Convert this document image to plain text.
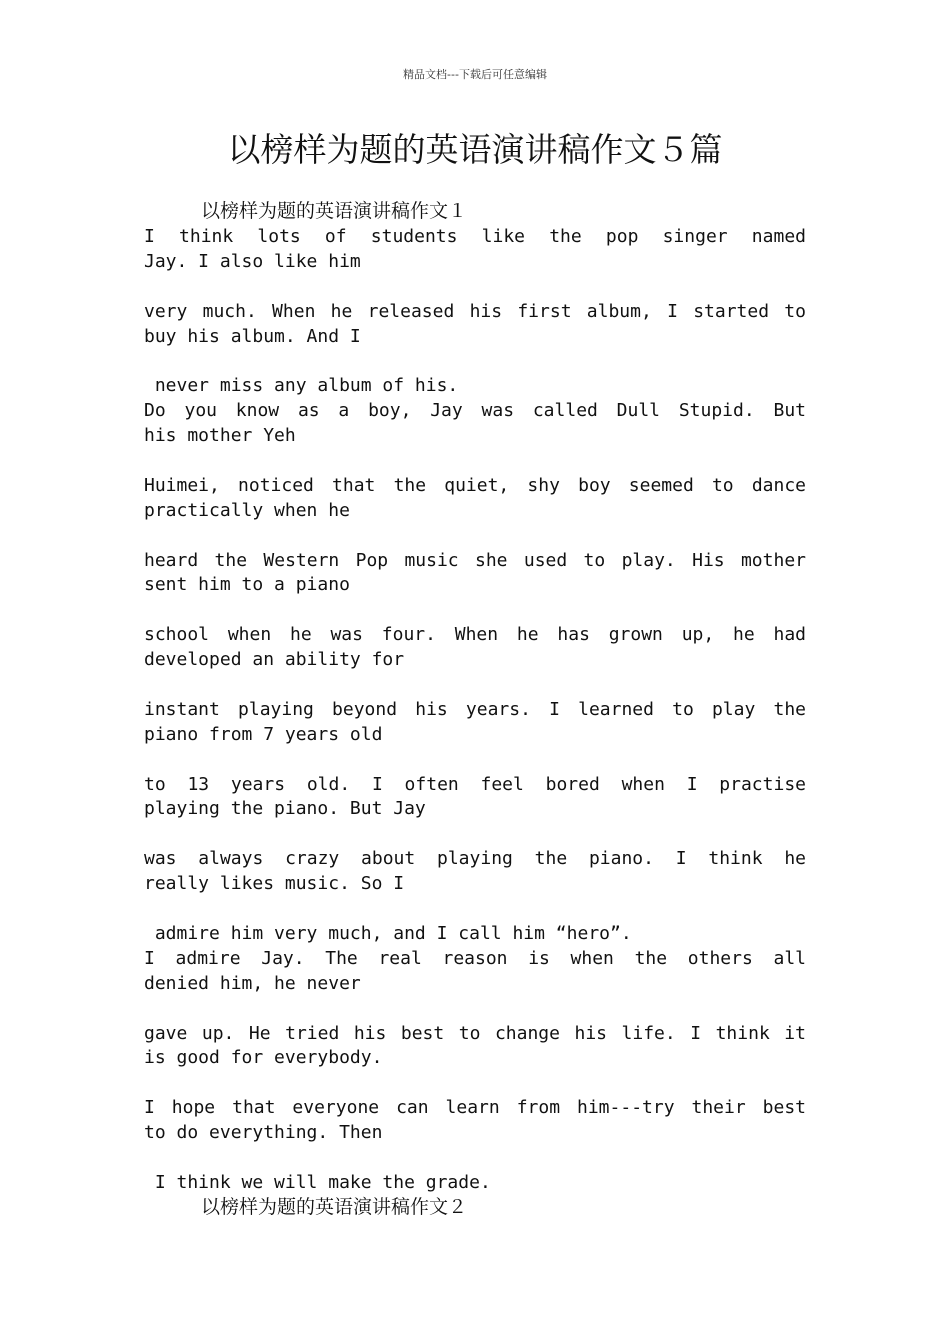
精品文档---下载后可任意编辑
以榜样为题的英语演讲稿作文５篇
以榜样为题的英语演讲稿作文１
I think lots of students like the pop singer named
Jay. I also like him
very much. When he released his first album, I started to
buy his album. And I
never miss any album of his.
Do you know as a boy, Jay was called Dull Stupid. But
his mother Yeh
Huimei, noticed that the quiet, shy boy seemed to dance
practically when he
heard the Western Pop music she used to play. His mother
sent him to a piano
school when he was four. When he has grown up, he had
developed an ability for
instant playing beyond his years. I learned to play the
piano from 7 years old
to 13 years old. I often feel bored when I practise
playing the piano. But Jay
was always crazy about playing the piano. I think he
really likes music. So I
admire him very much, and I call him “hero”.
I admire Jay. The real reason is when the others all
denied him, he never
gave up. He tried his best to change his life. I think it
is good for everybody.
I hope that everyone can learn from him---try their best
to do everything. Then
I think we will make the grade.
以榜样为题的英语演讲稿作文２
